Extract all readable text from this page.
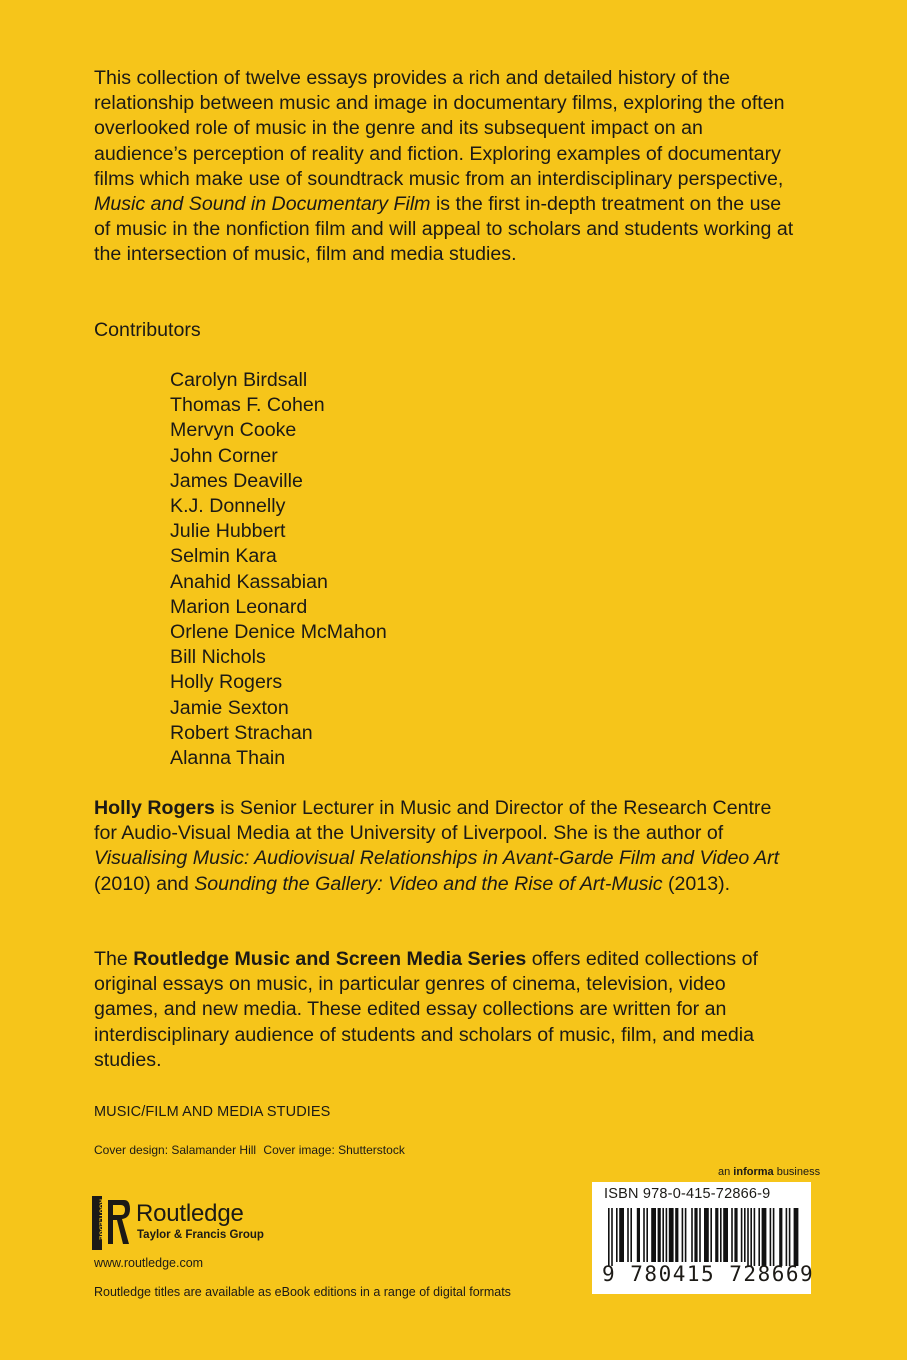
This collection of twelve essays provides a rich and detailed history of the relationship between music and image in documentary films, exploring the often overlooked role of music in the genre and its subsequent impact on an audience’s perception of reality and fiction. Exploring examples of documentary films which make use of soundtrack music from an interdisciplinary perspective, Music and Sound in Documentary Film is the first in-depth treatment on the use of music in the nonfiction film and will appeal to scholars and students working at the intersection of music, film and media studies.

Contributors
Carolyn Birdsall
Thomas F. Cohen
Mervyn Cooke
John Corner
James Deaville
K.J. Donnelly
Julie Hubbert
Selmin Kara
Anahid Kassabian
Marion Leonard
Orlene Denice McMahon
Bill Nichols
Holly Rogers
Jamie Sexton
Robert Strachan
Alanna Thain
Holly Rogers is Senior Lecturer in Music and Director of the Research Centre for Audio-Visual Media at the University of Liverpool. She is the author of Visualising Music: Audiovisual Relationships in Avant-Garde Film and Video Art (2010) and Sounding the Gallery: Video and the Rise of Art-Music (2013).
The Routledge Music and Screen Media Series offers edited collections of original essays on music, in particular genres of cinema, television, video games, and new media. These edited essay collections are written for an interdisciplinary audience of students and scholars of music, film, and media studies.
MUSIC/FILM AND MEDIA STUDIES
Cover design: Salamander Hill Cover image: Shutterstock
an informa business
ROUTLEDGE Routledge
Taylor & Francis Group
www.routledge.com
Routledge titles are available as eBook editions in a range of digital formats
ISBN 978-0-415-72866-9
9 780415 728669
